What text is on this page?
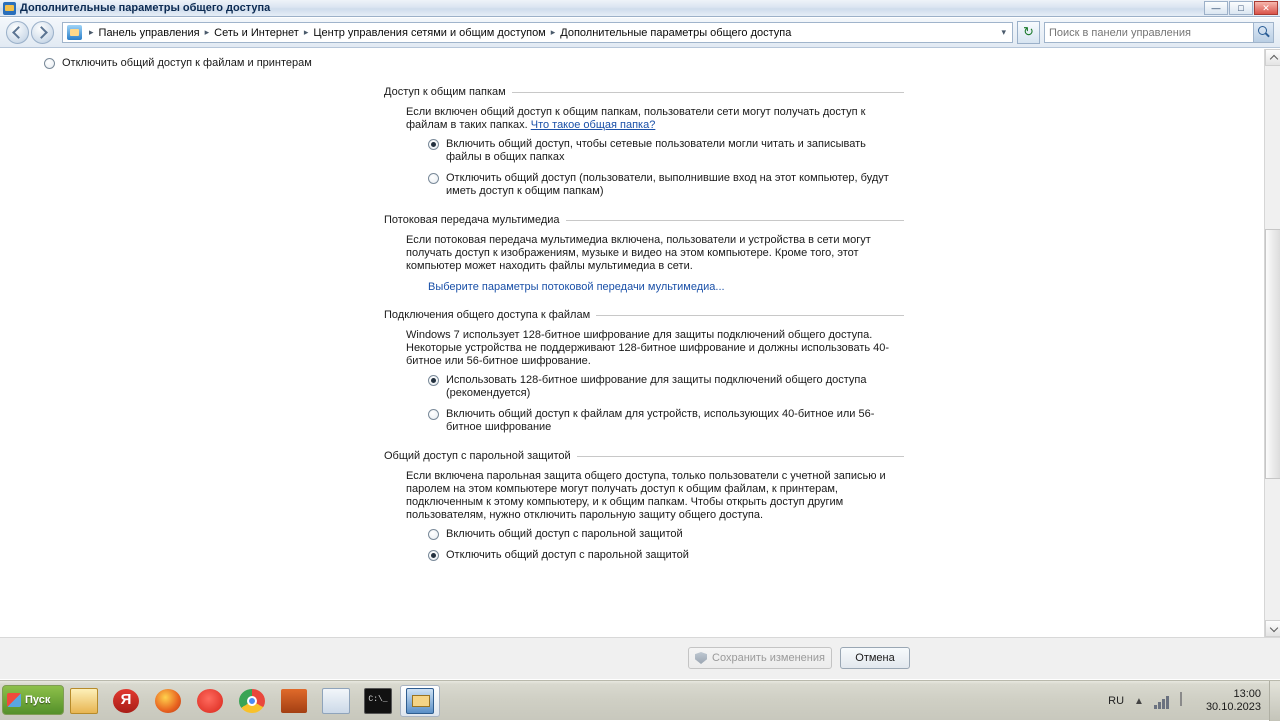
Дополнительные параметры общего доступа	—	□	✕
▸ Панель управления ▸ Сеть и Интернет ▸ Центр управления сетями и общим доступом ▸ Дополнительные параметры общего доступа	▾	↻
Поиск в панели управления
Отключить общий доступ к файлам и принтерам
Доступ к общим папкам

Если включен общий доступ к общим папкам, пользователи сети могут получать доступ к файлам в таких папках. Что такое общая папка?

Включить общий доступ, чтобы сетевые пользователи могли читать и записывать файлы в общих папках
Отключить общий доступ (пользователи, выполнившие вход на этот компьютер, будут иметь доступ к общим папкам)
Потоковая передача мультимедиа

Если потоковая передача мультимедиа включена, пользователи и устройства в сети могут получать доступ к изображениям, музыке и видео на этом компьютере. Кроме того, этот компьютер может находить файлы мультимедиа в сети.

Выберите параметры потоковой передачи мультимедиа...
Подключения общего доступа к файлам

Windows 7 использует 128-битное шифрование для защиты подключений общего доступа. Некоторые устройства не поддерживают 128-битное шифрование и должны использовать 40-битное или 56-битное шифрование.

Использовать 128-битное шифрование для защиты подключений общего доступа (рекомендуется)
Включить общий доступ к файлам для устройств, использующих 40-битное или 56-битное шифрование
Общий доступ с парольной защитой

Если включена парольная защита общего доступа, только пользователи с учетной записью и паролем на этом компьютере могут получать доступ к общим файлам, к принтерам, подключенным к этому компьютеру, и к общим папкам. Чтобы открыть доступ другим пользователям, нужно отключить парольную защиту общего доступа.

Включить общий доступ с парольной защитой
Отключить общий доступ с парольной защитой
Сохранить изменения	Отмена
Пуск	Я	C:\_	RU ▲
13:00
30.10.2023
